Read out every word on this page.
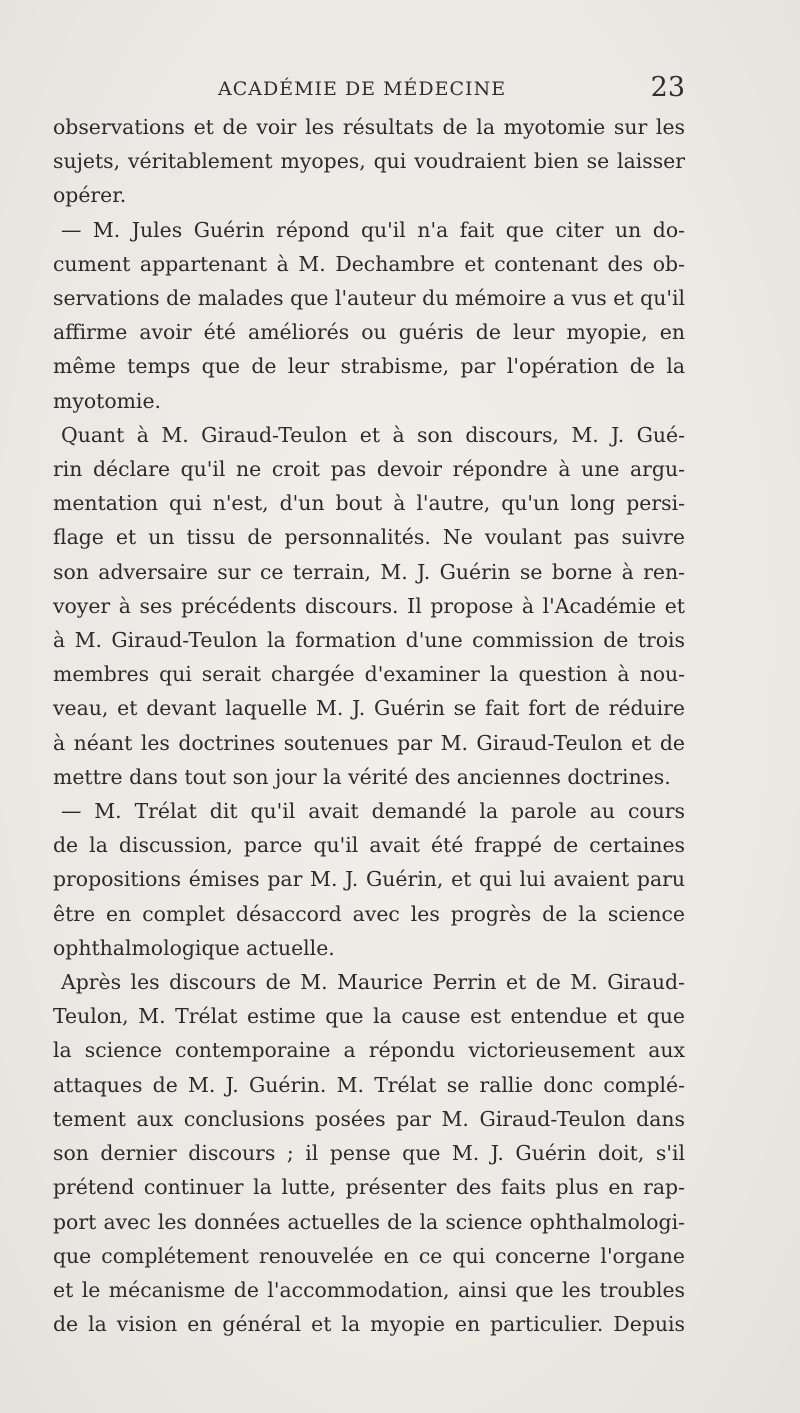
ACADÉMIE DE MÉDECINE	23
observations et de voir les résultats de la myotomie sur les
sujets, véritablement myopes, qui voudraient bien se laisser
opérer.
— M. Jules Guérin répond qu'il n'a fait que citer un do-
cument appartenant à M. Dechambre et contenant des ob-
servations de malades que l'auteur du mémoire a vus et qu'il
affirme avoir été améliorés ou guéris de leur myopie, en
même temps que de leur strabisme, par l'opération de la
myotomie.
Quant à M. Giraud-Teulon et à son discours, M. J. Gué-
rin déclare qu'il ne croit pas devoir répondre à une argu-
mentation qui n'est, d'un bout à l'autre, qu'un long persi-
flage et un tissu de personnalités. Ne voulant pas suivre
son adversaire sur ce terrain, M. J. Guérin se borne à ren-
voyer à ses précédents discours. Il propose à l'Académie et
à M. Giraud-Teulon la formation d'une commission de trois
membres qui serait chargée d'examiner la question à nou-
veau, et devant laquelle M. J. Guérin se fait fort de réduire
à néant les doctrines soutenues par M. Giraud-Teulon et de
mettre dans tout son jour la vérité des anciennes doctrines.
— M. Trélat dit qu'il avait demandé la parole au cours
de la discussion, parce qu'il avait été frappé de certaines
propositions émises par M. J. Guérin, et qui lui avaient paru
être en complet désaccord avec les progrès de la science
ophthalmologique actuelle.
Après les discours de M. Maurice Perrin et de M. Giraud-
Teulon, M. Trélat estime que la cause est entendue et que
la science contemporaine a répondu victorieusement aux
attaques de M. J. Guérin. M. Trélat se rallie donc complé-
tement aux conclusions posées par M. Giraud-Teulon dans
son dernier discours ; il pense que M. J. Guérin doit, s'il
prétend continuer la lutte, présenter des faits plus en rap-
port avec les données actuelles de la science ophthalmologi-
que complétement renouvelée en ce qui concerne l'organe
et le mécanisme de l'accommodation, ainsi que les troubles
de la vision en général et la myopie en particulier. Depuis
